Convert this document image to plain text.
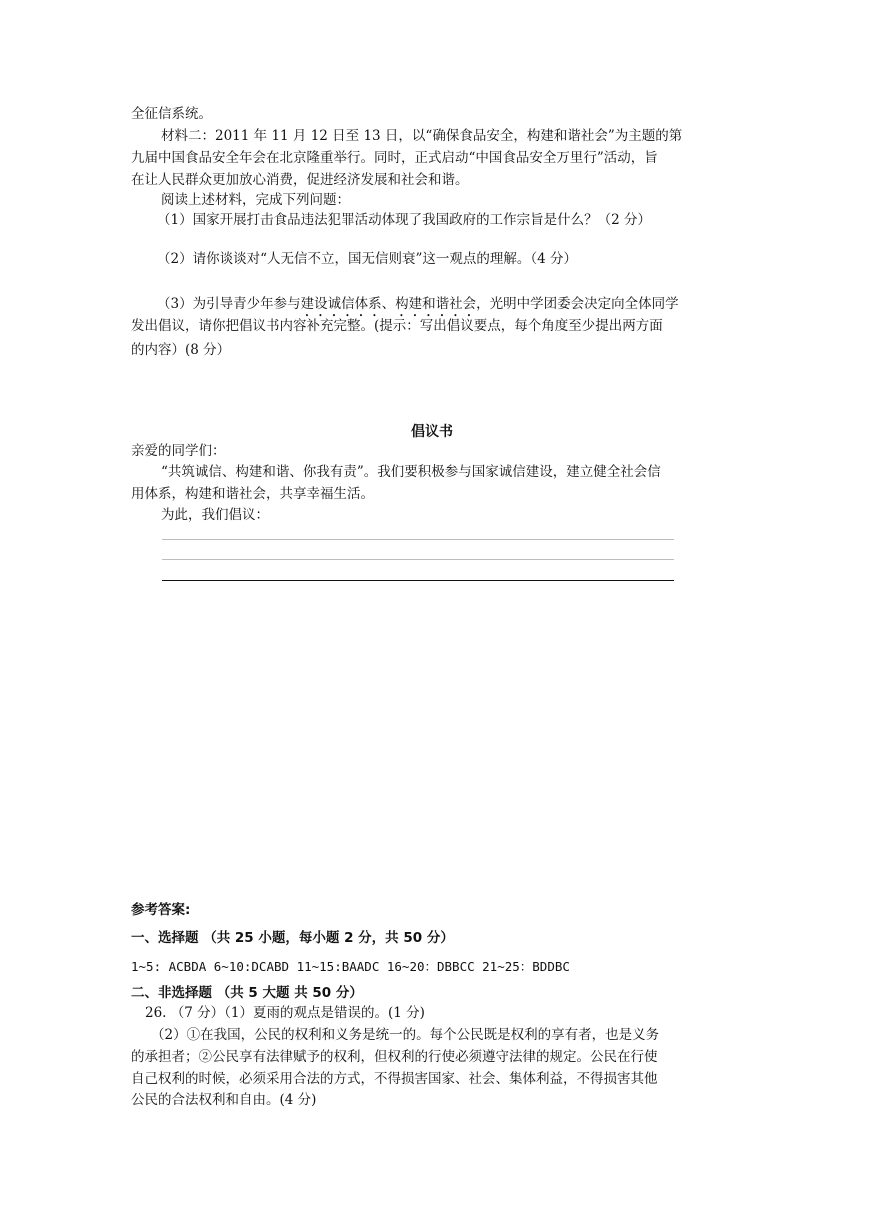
全征信系统。
材料二：2011 年 11 月 12 日至 13 日，以“确保食品安全，构建和谐社会”为主题的第
九届中国食品安全年会在北京隆重举行。同时，正式启动“中国食品安全万里行”活动，旨
在让人民群众更加放心消费，促进经济发展和社会和谐。
阅读上述材料，完成下列问题：
（1）国家开展打击食品违法犯罪活动体现了我国政府的工作宗旨是什么？（2 分）
（2）请你谈谈对“人无信不立，国无信则衰”这一观点的理解。（4 分）
（3）为引导青少年参与建设诚信体系、构建和谐社会，光明中学团委会决定向全体同学
发出倡议，请你把倡议书内容补充完整。(提示：写出倡议要点，每个角度至少提出两方面
的内容）(8 分）
倡议书
亲爱的同学们：
“共筑诚信、构建和谐、你我有责”。我们要积极参与国家诚信建设，建立健全社会信
用体系，构建和谐社会，共享幸福生活。
为此，我们倡议：
参考答案:
一、选择题 （共 25 小题，每小题 2 分，共 50 分）
1~5: ACBDA 6~10:DCABD 11~15:BAADC 16~20：DBBCC 21~25：BDDBC
二、非选择题 （共 5 大题 共 50 分）
26. （7 分）（1）夏雨的观点是错误的。(1 分)
（2）①在我国，公民的权利和义务是统一的。每个公民既是权利的享有者，也是义务
的承担者；②公民享有法律赋予的权利，但权利的行使必须遵守法律的规定。公民在行使
自己权利的时候，必须采用合法的方式，不得损害国家、社会、集体利益，不得损害其他
公民的合法权利和自由。(4 分)
